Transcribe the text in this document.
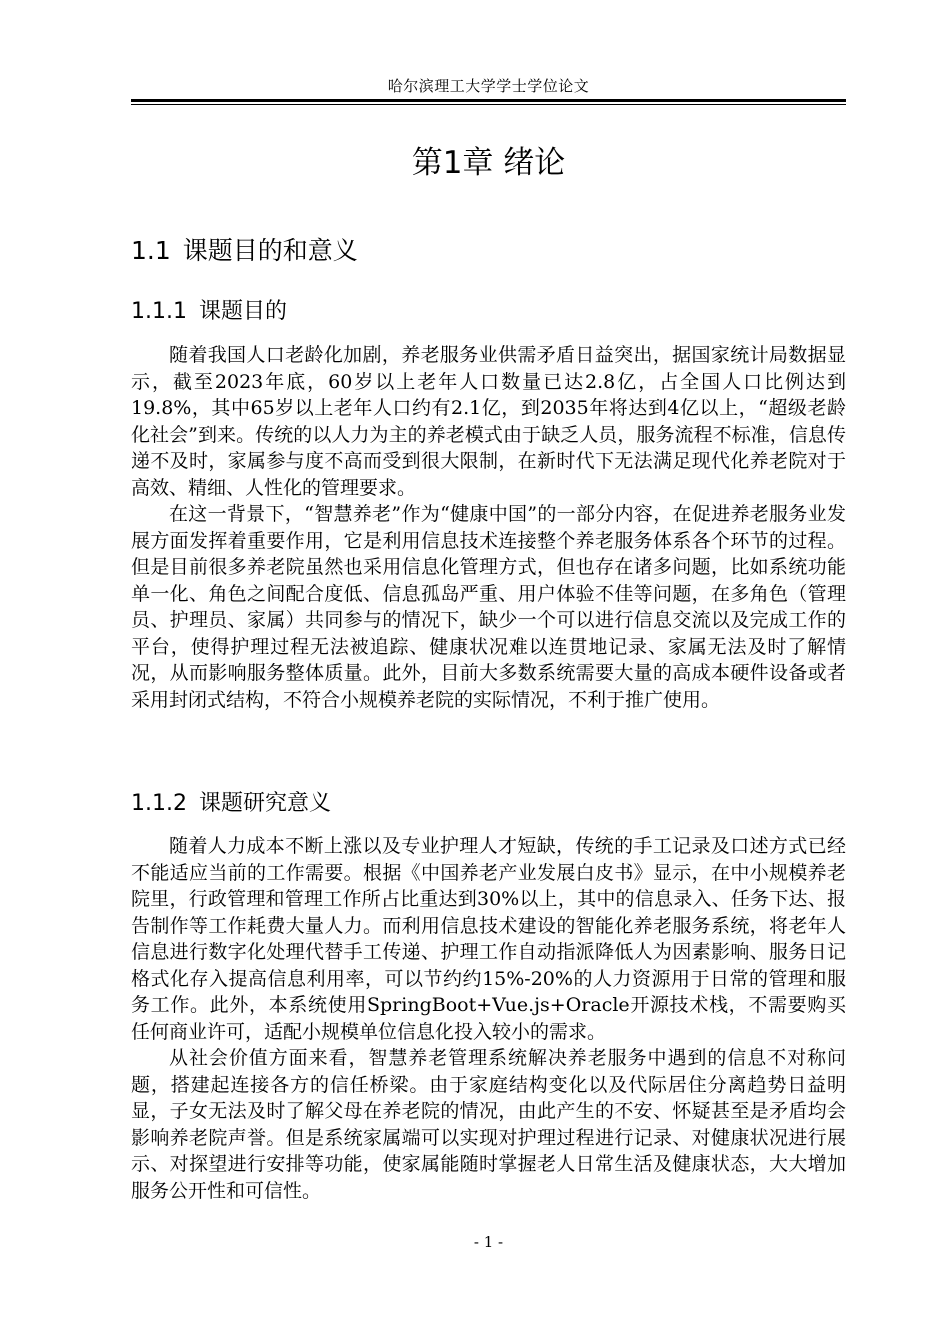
哈尔滨理工大学学士学位论文
第1章 绪论
1.1 课题目的和意义
1.1.1 课题目的

随着我国人口老龄化加剧，养老服务业供需矛盾日益突出，据国家统计局数据显示，截至2023年底，60岁以上老年人口数量已达2.8亿，占全国人口比例达到19.8%，其中65岁以上老年人口约有2.1亿，到2035年将达到4亿以上，“超级老龄化社会”到来。传统的以人力为主的养老模式由于缺乏人员，服务流程不标准，信息传递不及时，家属参与度不高而受到很大限制，在新时代下无法满足现代化养老院对于高效、精细、人性化的管理要求。

在这一背景下，“智慧养老”作为“健康中国”的一部分内容，在促进养老服务业发展方面发挥着重要作用，它是利用信息技术连接整个养老服务体系各个环节的过程。但是目前很多养老院虽然也采用信息化管理方式，但也存在诸多问题，比如系统功能单一化、角色之间配合度低、信息孤岛严重、用户体验不佳等问题，在多角色（管理员、护理员、家属）共同参与的情况下，缺少一个可以进行信息交流以及完成工作的平台，使得护理过程无法被追踪、健康状况难以连贯地记录、家属无法及时了解情况，从而影响服务整体质量。此外，目前大多数系统需要大量的高成本硬件设备或者采用封闭式结构，不符合小规模养老院的实际情况，不利于推广使用。

1.1.2 课题研究意义

随着人力成本不断上涨以及专业护理人才短缺，传统的手工记录及口述方式已经不能适应当前的工作需要。根据《中国养老产业发展白皮书》显示，在中小规模养老院里，行政管理和管理工作所占比重达到30%以上，其中的信息录入、任务下达、报告制作等工作耗费大量人力。而利用信息技术建设的智能化养老服务系统，将老年人信息进行数字化处理代替手工传递、护理工作自动指派降低人为因素影响、服务日记格式化存入提高信息利用率，可以节约约15%-20%的人力资源用于日常的管理和服务工作。此外，本系统使用SpringBoot+Vue.js+Oracle开源技术栈，不需要购买任何商业许可，适配小规模单位信息化投入较小的需求。

从社会价值方面来看，智慧养老管理系统解决养老服务中遇到的信息不对称问题，搭建起连接各方的信任桥梁。由于家庭结构变化以及代际居住分离趋势日益明显，子女无法及时了解父母在养老院的情况，由此产生的不安、怀疑甚至是矛盾均会影响养老院声誉。但是系统家属端可以实现对护理过程进行记录、对健康状况进行展示、对探望进行安排等功能，使家属能随时掌握老人日常生活及健康状态，大大增加服务公开性和可信性。

- 1 -
